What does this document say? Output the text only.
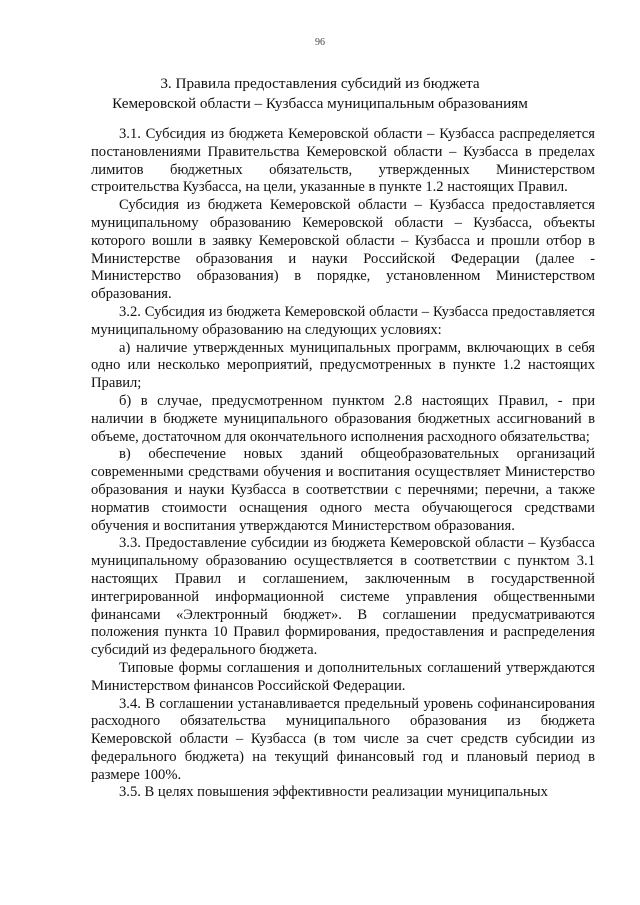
96
3. Правила предоставления субсидий из бюджета
Кемеровской области – Кузбасса муниципальным образованиям

3.1. Субсидия из бюджета Кемеровской области – Кузбасса распределяется постановлениями Правительства Кемеровской области – Кузбасса в пределах лимитов бюджетных обязательств, утвержденных Министерством строительства Кузбасса, на цели, указанные в пункте 1.2 настоящих Правил.

Субсидия из бюджета Кемеровской области – Кузбасса предоставляется муниципальному образованию Кемеровской области – Кузбасса, объекты которого вошли в заявку Кемеровской области – Кузбасса и прошли отбор в Министерстве образования и науки Российской Федерации (далее - Министерство образования) в порядке, установленном Министерством образования.

3.2. Субсидия из бюджета Кемеровской области – Кузбасса предоставляется муниципальному образованию на следующих условиях:

а) наличие утвержденных муниципальных программ, включающих в себя одно или несколько мероприятий, предусмотренных в пункте 1.2 настоящих Правил;

б) в случае, предусмотренном пунктом 2.8 настоящих Правил, - при наличии в бюджете муниципального образования бюджетных ассигнований в объеме, достаточном для окончательного исполнения расходного обязательства;

в) обеспечение новых зданий общеобразовательных организаций современными средствами обучения и воспитания осуществляет Министерство образования и науки Кузбасса в соответствии с перечнями; перечни, а также норматив стоимости оснащения одного места обучающегося средствами обучения и воспитания утверждаются Министерством образования.

3.3. Предоставление субсидии из бюджета Кемеровской области – Кузбасса муниципальному образованию осуществляется в соответствии с пунктом 3.1 настоящих Правил и соглашением, заключенным в государственной интегрированной информационной системе управления общественными финансами «Электронный бюджет». В соглашении предусматриваются положения пункта 10 Правил формирования, предоставления и распределения субсидий из федерального бюджета.

Типовые формы соглашения и дополнительных соглашений утверждаются Министерством финансов Российской Федерации.

3.4. В соглашении устанавливается предельный уровень софинансирования расходного обязательства муниципального образования из бюджета Кемеровской области – Кузбасса (в том числе за счет средств субсидии из федерального бюджета) на текущий финансовый год и плановый период в размере 100%.

3.5. В целях повышения эффективности реализации муниципальных
